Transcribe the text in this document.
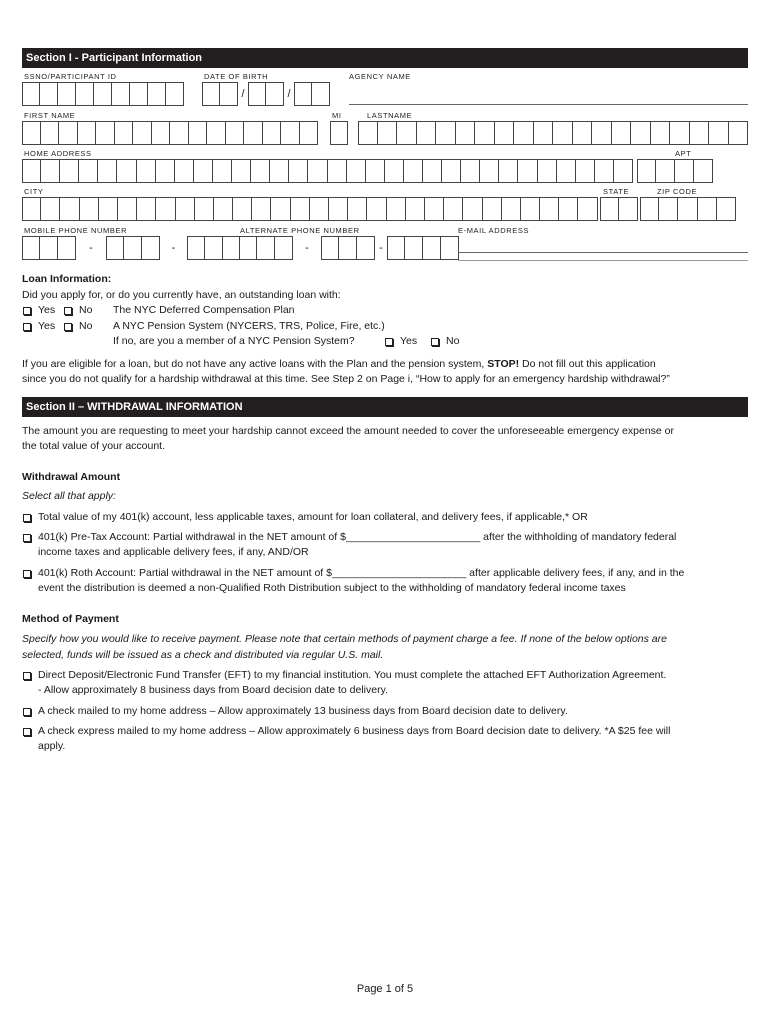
Section I - Participant Information
SSNO/PARTICIPANT ID	DATE OF BIRTH	AGENCY NAME
/	/
FIRST NAME	MI	LASTNAME
HOME ADDRESS	APT
CITY	STATE	ZIP CODE
MOBILE PHONE NUMBER	ALTERNATE PHONE NUMBER	E-MAIL ADDRESS
-	-	-	-
Loan Information:
Did you apply for, or do you currently have, an outstanding loan with:
Yes No The NYC Deferred Compensation Plan
Yes No A NYC Pension System (NYCERS, TRS, Police, Fire, etc.)
If no, are you a member of a NYC Pension System?	Yes	No
If you are eligible for a loan, but do not have any active loans with the Plan and the pension system, STOP! Do not fill out this application
since you do not qualify for a hardship withdrawal at this time. See Step 2 on Page i, “How to apply for an emergency hardship withdrawal?”
Section II – WITHDRAWAL INFORMATION
The amount you are requesting to meet your hardship cannot exceed the amount needed to cover the unforeseeable emergency expense or
the total value of your account.
Withdrawal Amount
Select all that apply:
Total value of my 401(k) account, less applicable taxes, amount for loan collateral, and delivery fees, if applicable,* OR
401(k) Pre-Tax Account: Partial withdrawal in the NET amount of $_______________________ after the withholding of mandatory federal
income taxes and applicable delivery fees, if any, AND/OR
401(k) Roth Account: Partial withdrawal in the NET amount of $_______________________ after applicable delivery fees, if any, and in the
event the distribution is deemed a non-Qualified Roth Distribution subject to the withholding of mandatory federal income taxes
Method of Payment
Specify how you would like to receive payment. Please note that certain methods of payment charge a fee. If none of the below options are
selected, funds will be issued as a check and distributed via regular U.S. mail.
Direct Deposit/Electronic Fund Transfer (EFT) to my financial institution. You must complete the attached EFT Authorization Agreement.
- Allow approximately 8 business days from Board decision date to delivery.
A check mailed to my home address – Allow approximately 13 business days from Board decision date to delivery.
A check express mailed to my home address – Allow approximately 6 business days from Board decision date to delivery. *A $25 fee will
apply.
Page 1 of 5
